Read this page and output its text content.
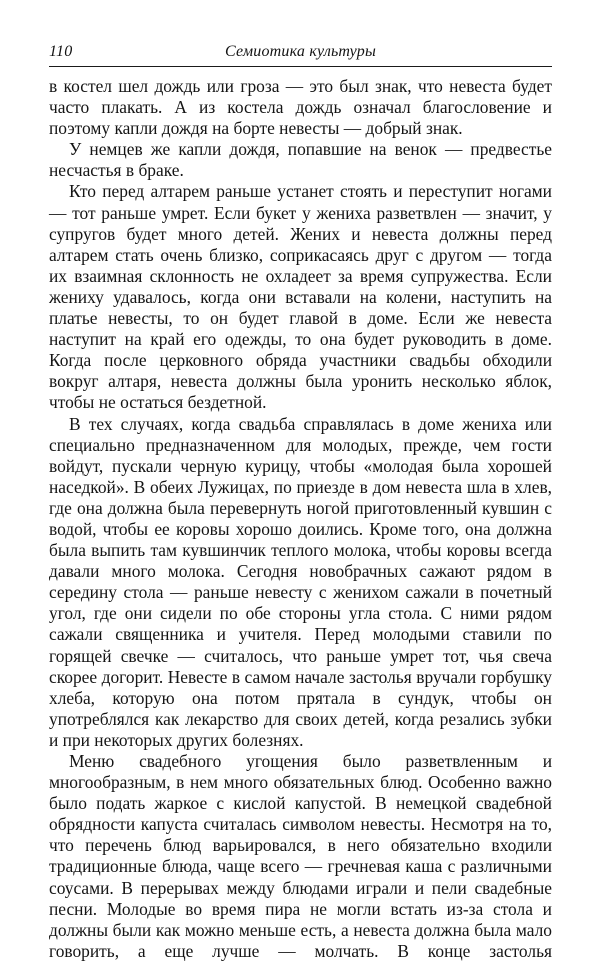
110	Семиотика культуры

в костел шел дождь или гроза — это был знак, что невеста будет часто плакать. А из костела дождь означал благословение и поэтому капли дождя на борте невесты — добрый знак.

У немцев же капли дождя, попавшие на венок — предвестье несчастья в браке.

Кто перед алтарем раньше устанет стоять и переступит ногами — тот раньше умрет. Если букет у жениха разветвлен — значит, у супругов будет много детей. Жених и невеста должны перед алтарем стать очень близко, соприкасаясь друг с другом — тогда их взаимная склонность не охладеет за время супружества. Если жениху удавалось, когда они вставали на колени, наступить на платье невесты, то он будет главой в доме. Если же невеста наступит на край его одежды, то она будет руководить в доме. Когда после церковного обряда участники свадьбы обходили вокруг алтаря, невеста должны была уронить несколько яблок, чтобы не остаться бездетной.

В тех случаях, когда свадьба справлялась в доме жениха или специально предназначенном для молодых, прежде, чем гости войдут, пускали черную курицу, чтобы «молодая была хорошей наседкой». В обеих Лужицах, по приезде в дом невеста шла в хлев, где она должна была перевернуть ногой приготовленный кувшин с водой, чтобы ее коровы хорошо доились. Кроме того, она должна была выпить там кувшинчик теплого молока, чтобы коровы всегда давали много молока. Сегодня новобрачных сажают рядом в середину стола — раньше невесту с женихом сажали в почетный угол, где они сидели по обе стороны угла стола. С ними рядом сажали священника и учителя. Перед молодыми ставили по горящей свечке — считалось, что раньше умрет тот, чья свеча скорее догорит. Невесте в самом начале застолья вручали горбушку хлеба, которую она потом прятала в сундук, чтобы он употреблялся как лекарство для своих детей, когда резались зубки и при некоторых других болезнях.

Меню свадебного угощения было разветвленным и многообразным, в нем много обязательных блюд. Особенно важно было подать жаркое с кислой капустой. В немецкой свадебной обрядности капуста считалась символом невесты. Несмотря на то, что перечень блюд варьировался, в него обязательно входили традиционные блюда, чаще всего — гречневая каша с различными соусами. В перерывах между блюдами играли и пели свадебные песни. Молодые во время пира не могли встать из-за стола и должны были как можно меньше есть, а невеста должна была мало говорить, а еще лучше — молчать. В конце застолья
